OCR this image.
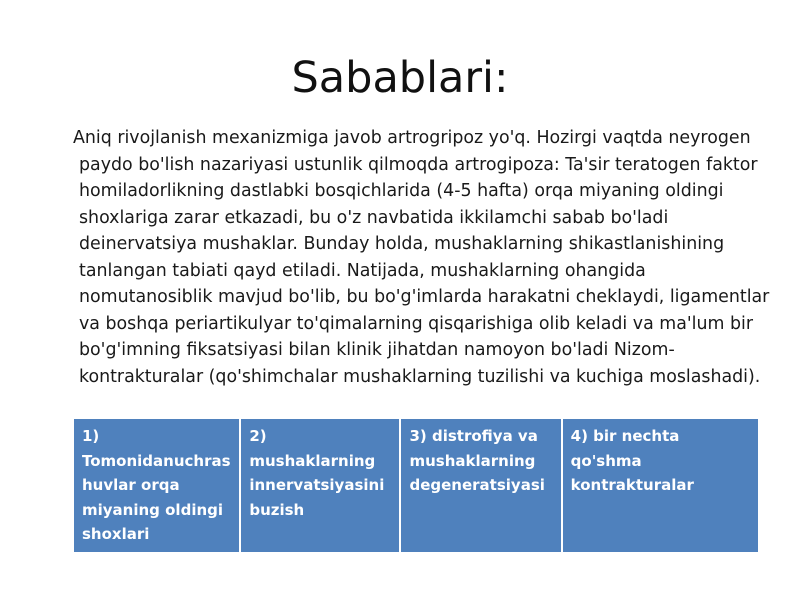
Sabablari:

Aniq rivojlanish mexanizmiga javob artrogripoz yo'q. Hozirgi vaqtda neyrogen paydo bo'lish nazariyasi ustunlik qilmoqda artrogipoza: Ta'sir teratogen faktor homiladorlikning dastlabki bosqichlarida (4-5 hafta) orqa miyaning oldingi shoxlariga zarar etkazadi, bu o'z navbatida ikkilamchi sabab bo'ladi deinervatsiya mushaklar. Bunday holda, mushaklarning shikastlanishining tanlangan tabiati qayd etiladi. Natijada, mushaklarning ohangida nomutanosiblik mavjud bo'lib, bu bo'g'imlarda harakatni cheklaydi, ligamentlar va boshqa periartikulyar to'qimalarning qisqarishiga olib keladi va ma'lum bir bo'g'imning fiksatsiyasi bilan klinik jihatdan namoyon bo'ladi Nizom-kontrakturalar (qo'shimchalar mushaklarning tuzilishi va kuchiga moslashadi).

1) Tomonidanuchrashuvlar orqa miyaning oldingi shoxlari	2) mushaklarning innervatsiyasini buzish	3) distrofiya va mushaklarning degeneratsiyasi	4) bir nechta qo'shma kontrakturalar
